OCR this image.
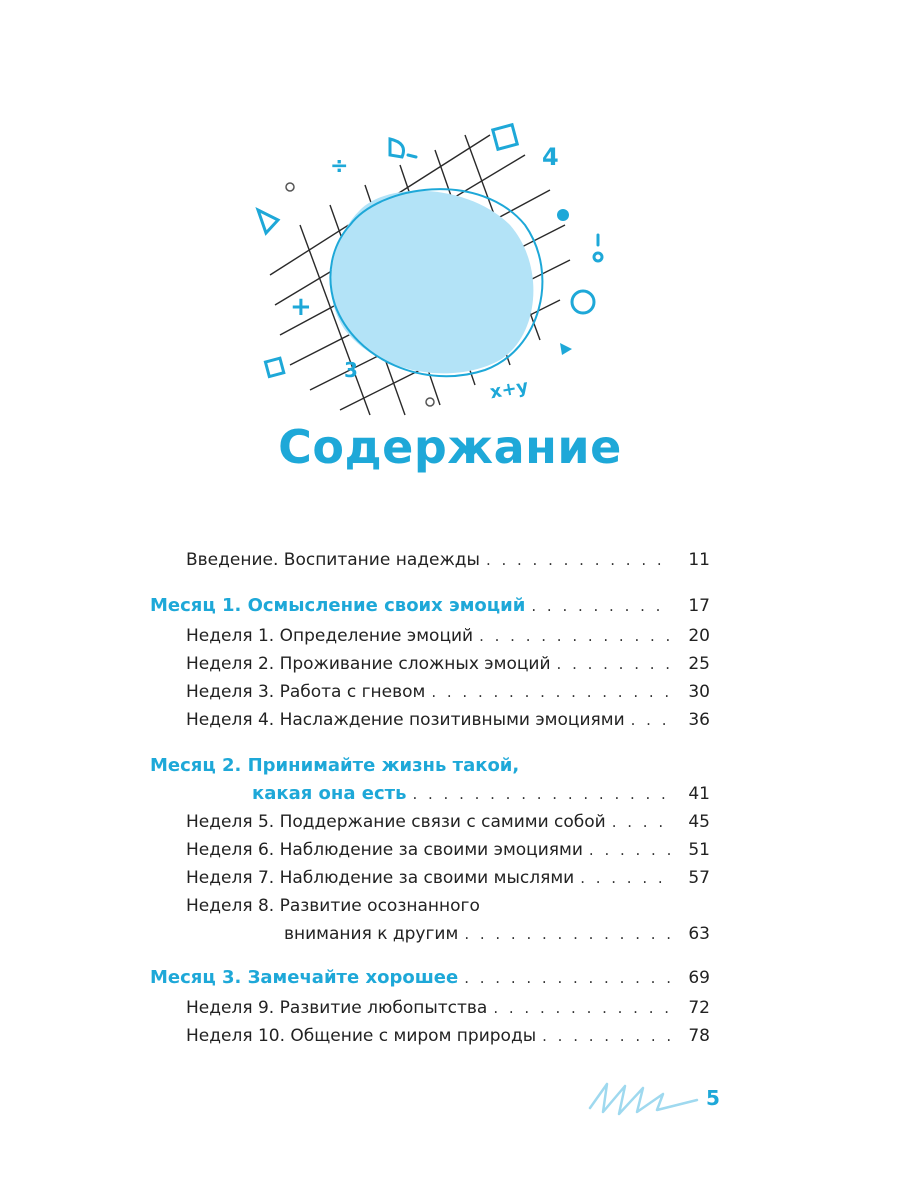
+
3
x+y
4
÷
Содержание
Введение. Воспитание надежды . . .	11
Месяц 1. Осмысление своих эмоций . . .	17
Неделя 1. Определение эмоций . . .	20
Неделя 2. Проживание сложных эмоций . . .	25
Неделя 3. Работа с гневом . . .	30
Неделя 4. Наслаждение позитивными эмоциями . . .	36
Месяц 2. Принимайте жизнь такой,
какая она есть . . .	41
Неделя 5. Поддержание связи с самими собой . . .	45
Неделя 6. Наблюдение за своими эмоциями . . .	51
Неделя 7. Наблюдение за своими мыслями . . .	57
Неделя 8. Развитие осознанного
внимания к другим . . .	63
Месяц 3. Замечайте хорошее . . .	69
Неделя 9. Развитие любопытства . . .	72
Неделя 10. Общение с миром природы . . .	78
5
